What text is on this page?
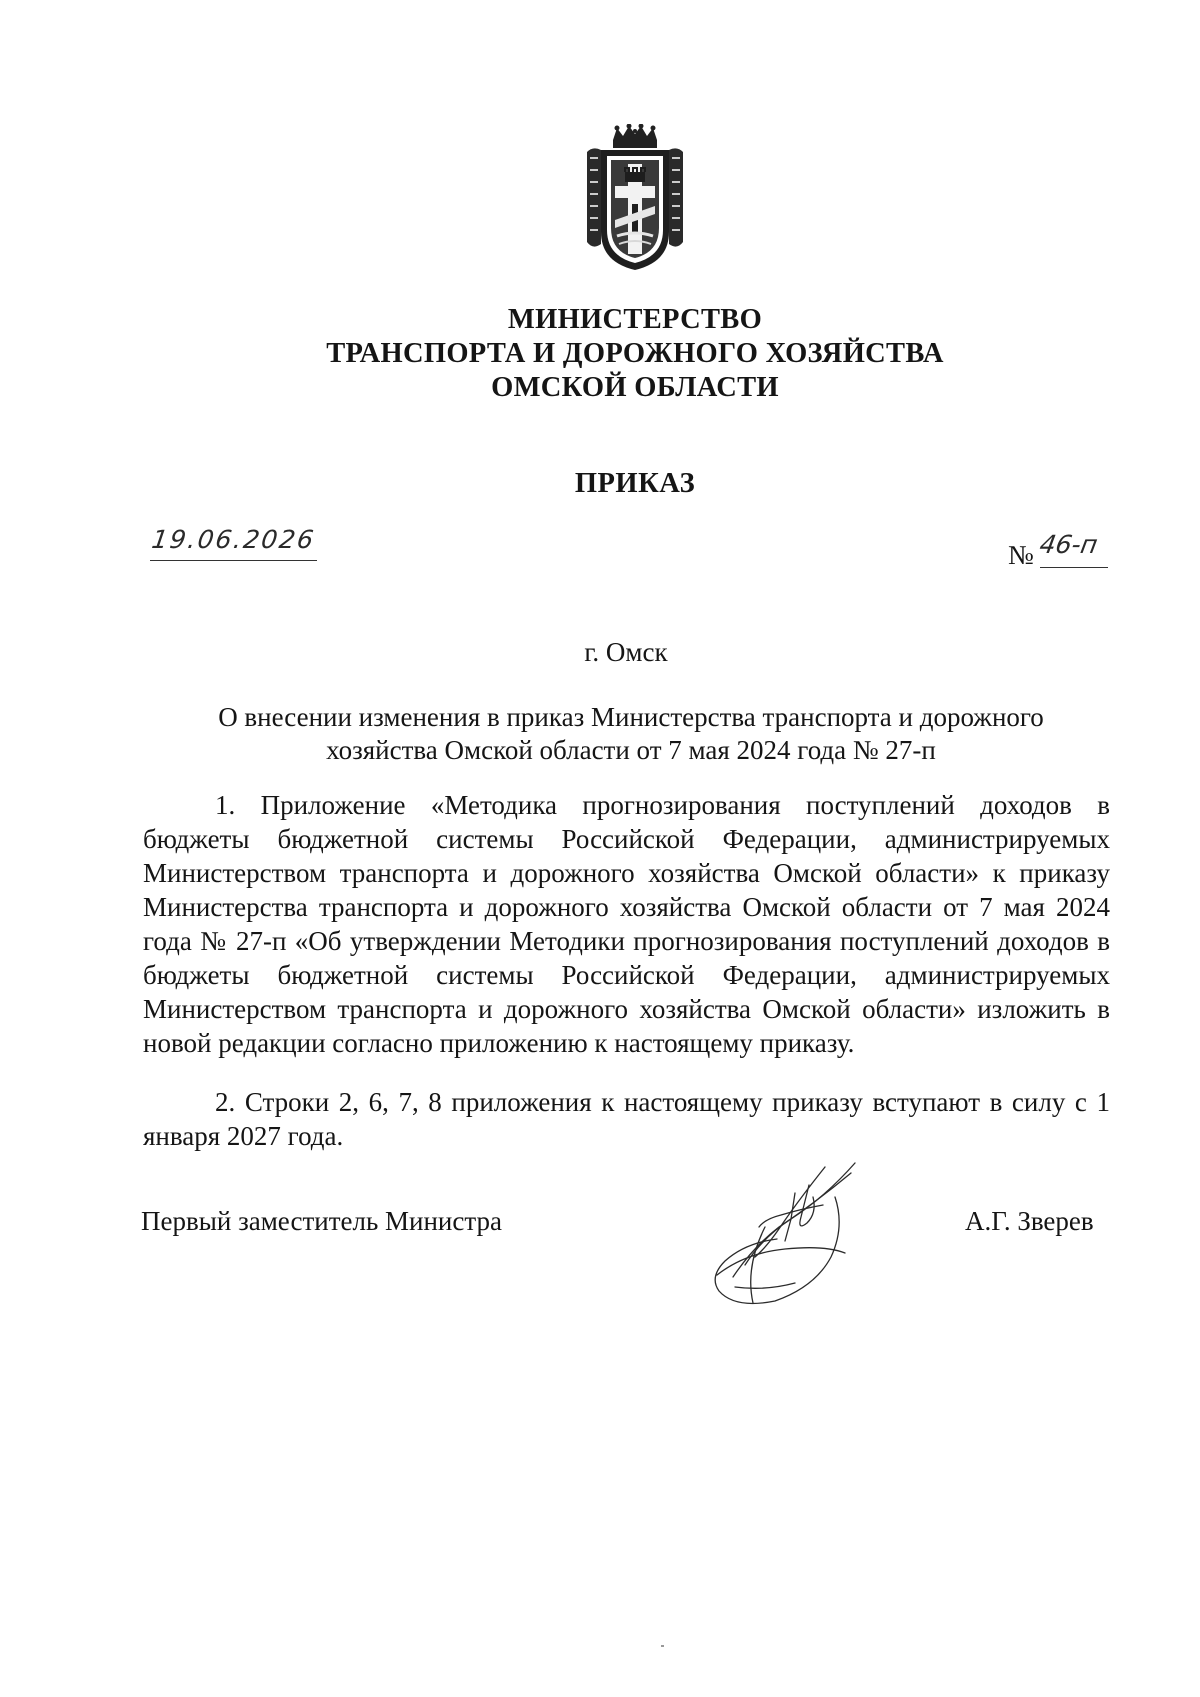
МИНИСТЕРСТВО
ТРАНСПОРТА И ДОРОЖНОГО ХОЗЯЙСТВА
ОМСКОЙ ОБЛАСТИ
ПРИКАЗ
19.06.2026
№ 46-п
г. Омск
О внесении изменения в приказ Министерства транспорта и дорожного
хозяйства Омской области от 7 мая 2024 года № 27-п

1. Приложение «Методика прогнозирования поступлений доходов в бюджеты бюджетной системы Российской Федерации, администрируемых Министерством транспорта и дорожного хозяйства Омской области» к приказу Министерства транспорта и дорожного хозяйства Омской области от 7 мая 2024 года № 27-п «Об утверждении Методики прогнозирования поступлений доходов в бюджеты бюджетной системы Российской Федерации, администрируемых Министерством транспорта и дорожного хозяйства Омской области» изложить в новой редакции согласно приложению к настоящему приказу.

2. Строки 2, 6, 7, 8 приложения к настоящему приказу вступают в силу с 1 января 2027 года.

Первый заместитель Министра	А.Г. Зверев
